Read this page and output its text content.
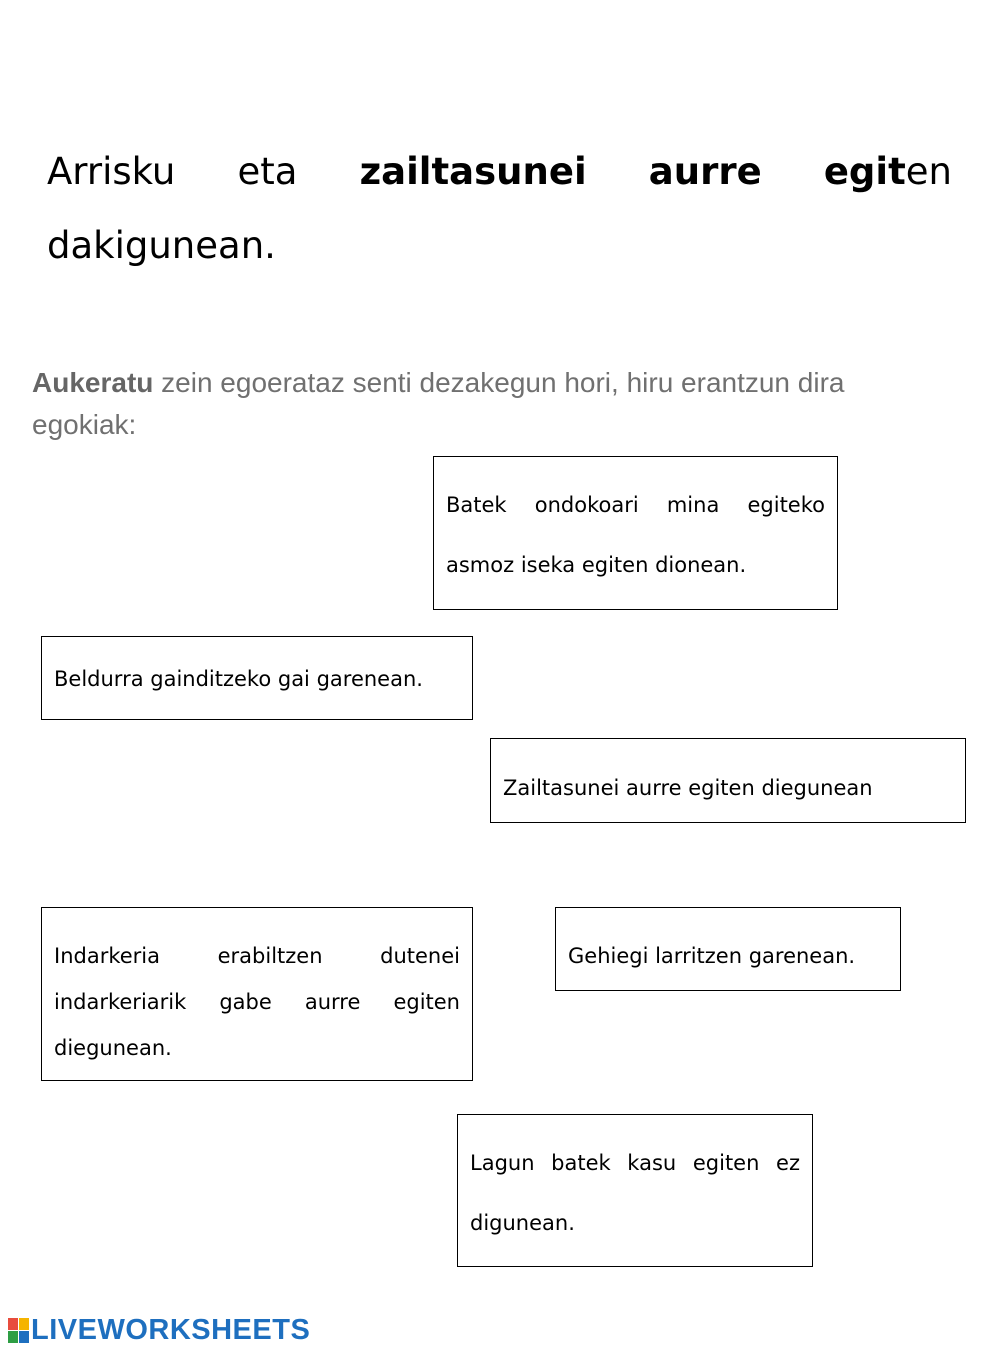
Arrisku eta zailtasunei aurre egiten
dakigunean.
Aukeratu zein egoerataz senti dezakegun hori, hiru erantzun dira egokiak:
Batek ondokoari mina egiteko asmoz iseka egiten dionean.
Beldurra gainditzeko gai garenean.
Zailtasunei aurre egiten diegunean
Indarkeria erabiltzen dutenei indarkeriarik gabe aurre egiten diegunean.
Gehiegi larritzen garenean.
Lagun batek kasu egiten ez digunean.
LIVEWORKSHEETS
